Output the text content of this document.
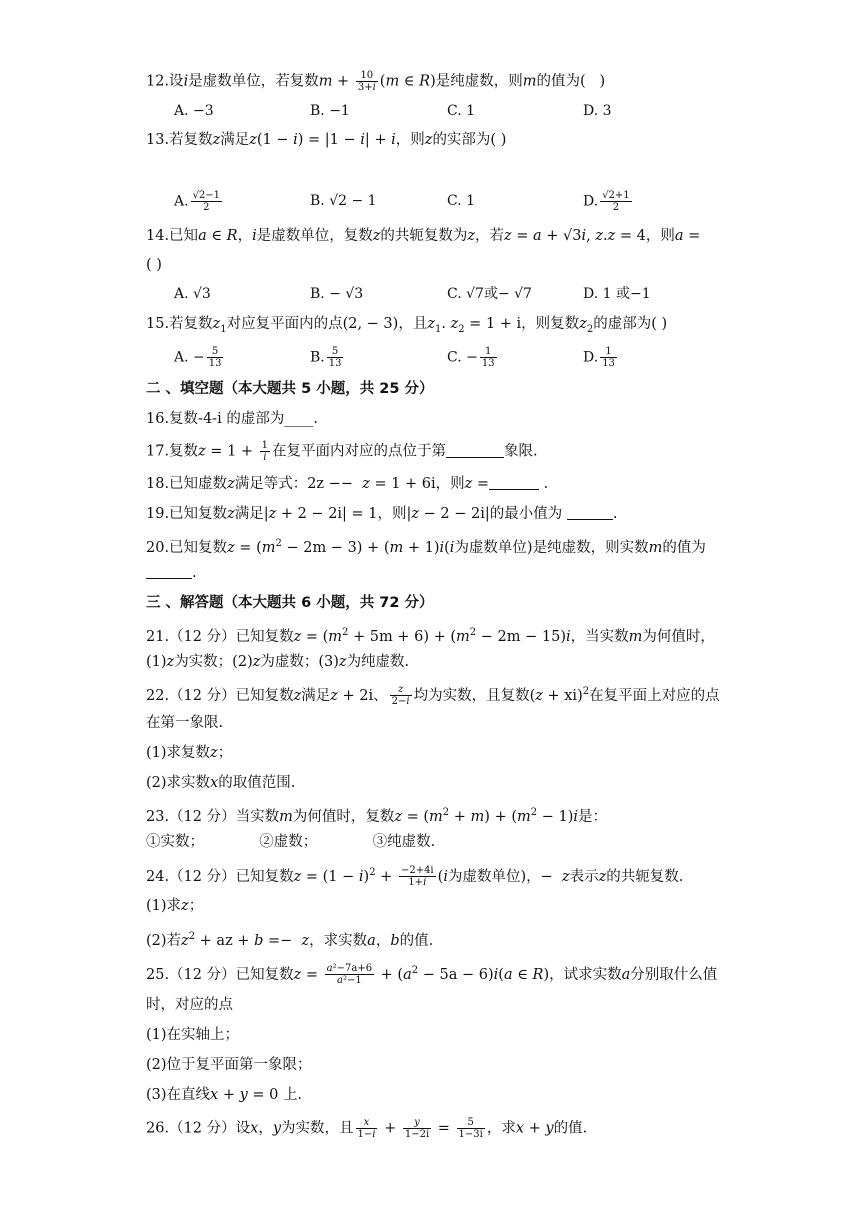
12.设i是虚数单位，若复数$m + \frac{10}{3+i} (m$ ∈ R)是纯虚数，则m的值为(   )
A. −3	B. −1	C. 1	D. 3
13.若复数z满足z(1 − i) = |1 − i| + i，则z的实部为( )
A. $\frac{√2-1}{2}$	B. √2 − 1	C. 1	D. $\frac{√2+1}{2}$
14.已知a ∈ R，i是虚数单位，复数z的共轭复数为z，若z = a + √3i, z.z = 4，则a =
( )
A. √3	B. − √3	C. √7或− √7	D. 1 或−1
15.若复数$z_1$对应复平面内的点(2, − 3)，且$z_1$. $z_2 = 1 + i$，则复数$z_2$的虚部为( )
A. − $\frac{5}{13}$	B. $\frac{5}{13}$	C. − $\frac{1}{13}$	D. $\frac{1}{13}$
二 、填空题（本大题共 5 小题，共 25 分）
16.复数-4-i 的虚部为____.
17.复数$z = 1 + \frac{1}{i}$ 在复平面内对应的点位于第	象限.
18.已知虚数z满足等式：2z −−  z = 1 + 6i，则z =	.
19.已知复数z满足|z + 2 − 2i| = 1，则|z − 2 − 2i|的最小值为	.
20.已知复数$z = (m^2 - 2m - 3) + (m + 1)i(i$为虚数单位)是纯虚数，则实数m的值为
.
三 、解答题（本大题共 6 小题，共 72 分）
21.（12 分）已知复数$z = (m^2 + 5m + 6) + (m^2 - 2m - 15)i$，当实数m为何值时，
(1)z为实数；(2)z为虚数；(3)z为纯虚数.
22.（12 分）已知复数z满足z + 2i、 $\frac{z}{2-i}$ 均为实数，且复数(z + xi)$^2$在复平面上对应的点
在第一象限.
(1)求复数z；
(2)求实数x的取值范围.
23.（12 分）当实数m为何值时，复数$z = (m^2 + m) + (m^2 - 1)i$是：
①实数；            ②虚数；            ③纯虚数.
24.（12 分）已知复数$z = (1 - i)^2 + \frac{-2+4i}{1+i} (i$为虚数单位)，−  z表示z的共轭复数.
(1)求z；
(2)若$z^2$ + az + b =−  z，求实数a，b的值.
25.（12 分）已知复数$z = \frac{\text{a²−7a+6}}{\text{a²−1}} + (a^2 - 5a - 6)i(a$ ∈ R)，试求实数a分别取什么值
时，对应的点
(1)在实轴上；
(2)位于复平面第一象限；
(3)在直线x + y = 0 上.
26.（12 分）设x，y为实数，且 $\frac{x}{1-i} + \frac{y}{1-2i} = \frac{5}{1-3i}$ ，求x + y的值.
